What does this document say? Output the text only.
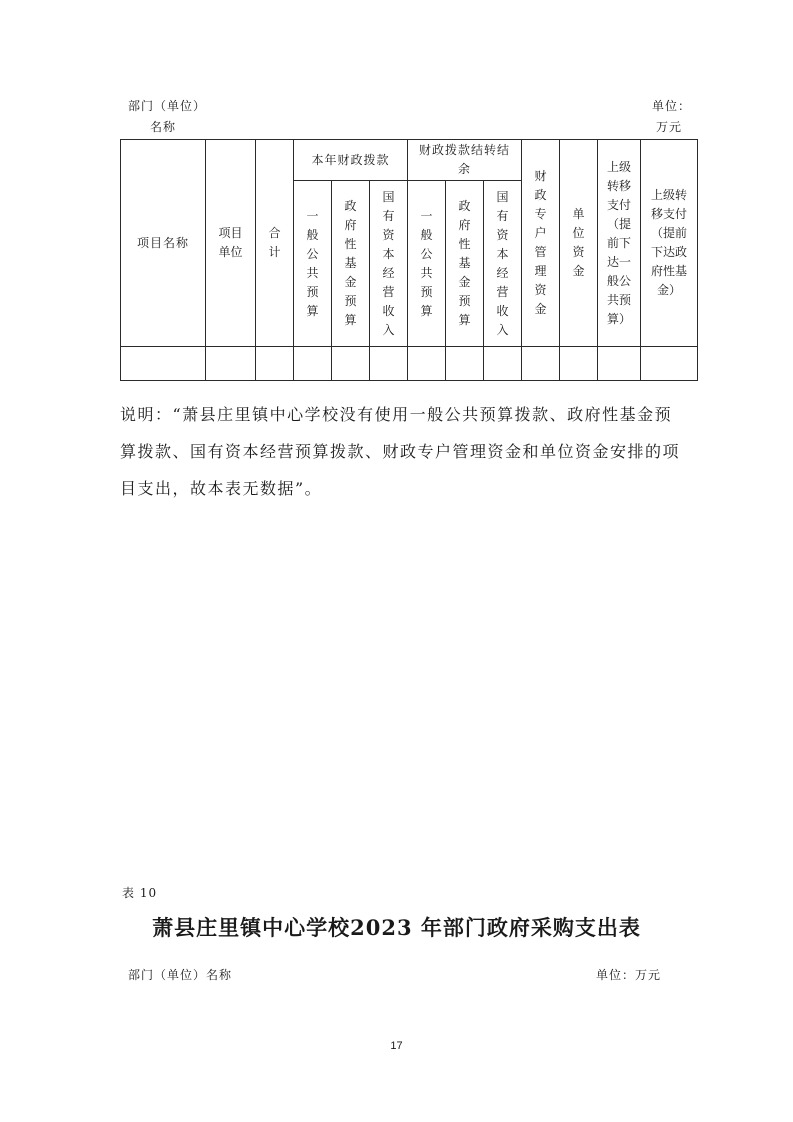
部门（单位）
名称
单位：
万元
项目名称	项目单位	合计	本年财政拨款			财政拨款结转结余			财政专户管理资金	单位资金	上级转移支付（提前下达一般公共预算）	上级转移支付（提前下达政府性基金）
			一般公共预算	政府性基金预算	国有资本经营收入	一般公共预算	政府性基金预算	国有资本经营收入				

说明：“萧县庄里镇中心学校没有使用一般公共预算拨款、政府性基金预算拨款、国有资本经营预算拨款、财政专户管理资金和单位资金安排的项目支出，故本表无数据”。

表 10
萧县庄里镇中心学校2023 年部门政府采购支出表
部门（单位）名称	单位：万元
17
